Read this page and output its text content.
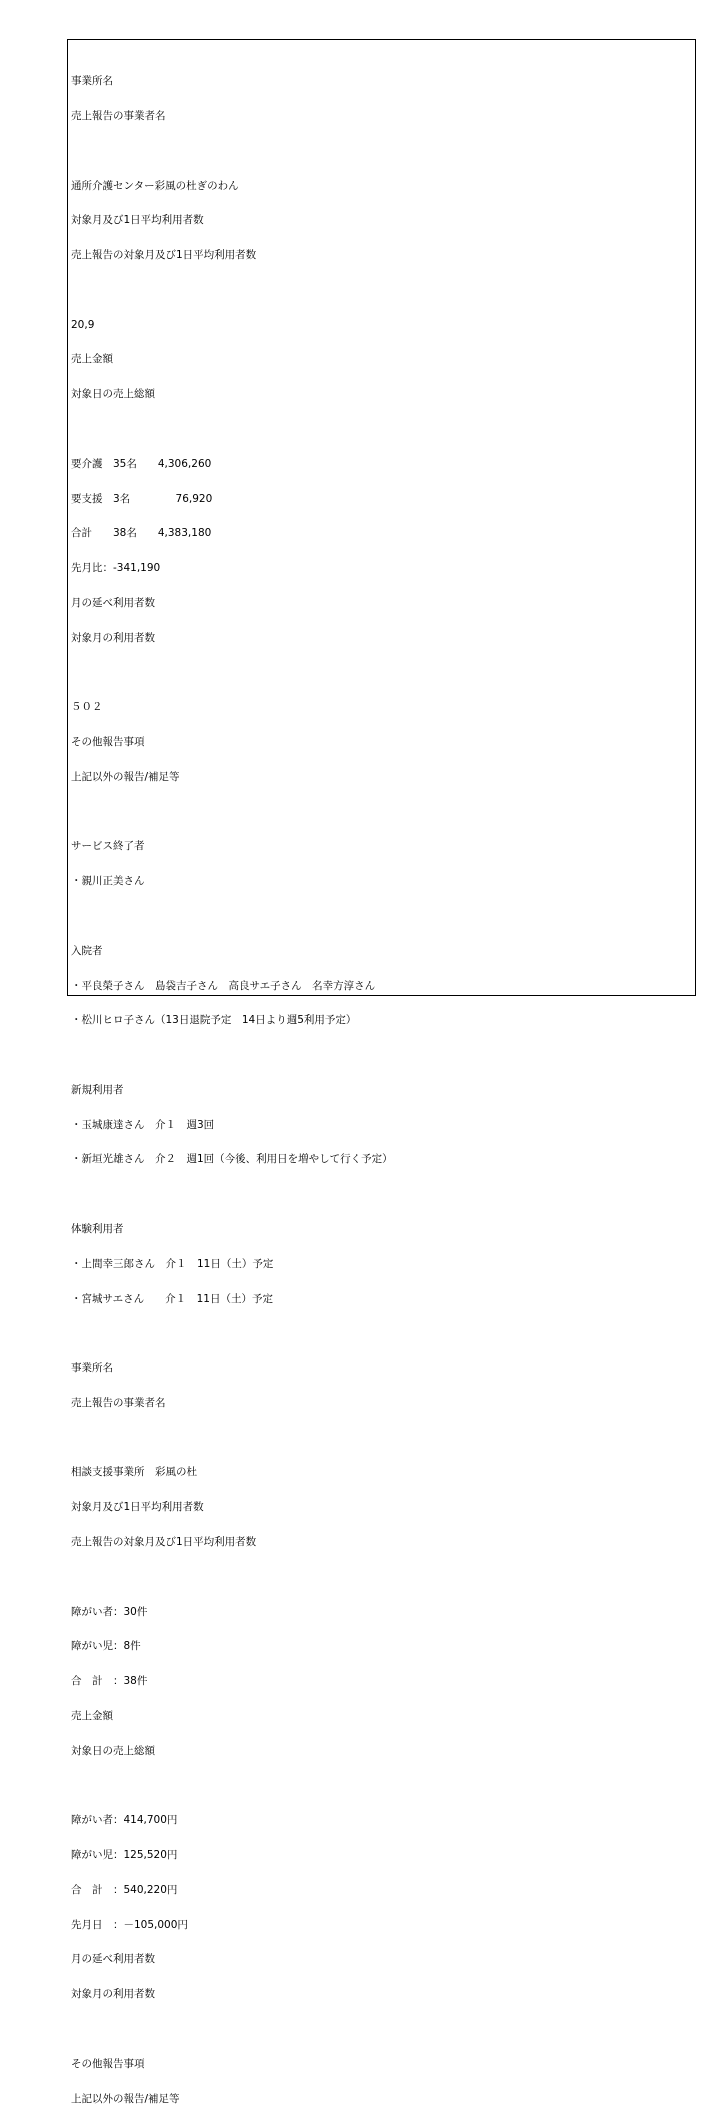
事業所名

売上報告の事業者名

通所介護センター彩風の杜ぎのわん

対象月及び1日平均利用者数

売上報告の対象月及び1日平均利用者数

20,9

売上金額

対象日の売上総額

要介護　35名　　4,306,260

要支援　3名　　　　 76,920

合計　　38名　　4,383,180

先月比：-341,190

月の延べ利用者数

対象月の利用者数

５０２

その他報告事項

上記以外の報告/補足等

サービス終了者

・親川正美さん

入院者

・平良榮子さん　島袋吉子さん　高良サエ子さん　名幸方淳さん

・松川ヒロ子さん（13日退院予定　14日より週5利用予定）

新規利用者

・玉城康達さん　介１　週3回

・新垣光雄さん　介２　週1回（今後、利用日を増やして行く予定）

体験利用者

・上間幸三郎さん　介１　11日（土）予定

・宮城サエさん　　介１　11日（土）予定

事業所名

売上報告の事業者名

相談支援事業所　彩風の杜

対象月及び1日平均利用者数

売上報告の対象月及び1日平均利用者数

障がい者：30件

障がい児：8件

合　計　：38件

売上金額

対象日の売上総額

障がい者：414,700円

障がい児：125,520円

合　計　：540,220円

先月日　：－105,000円

月の延べ利用者数

対象月の利用者数

その他報告事項

上記以外の報告/補足等
